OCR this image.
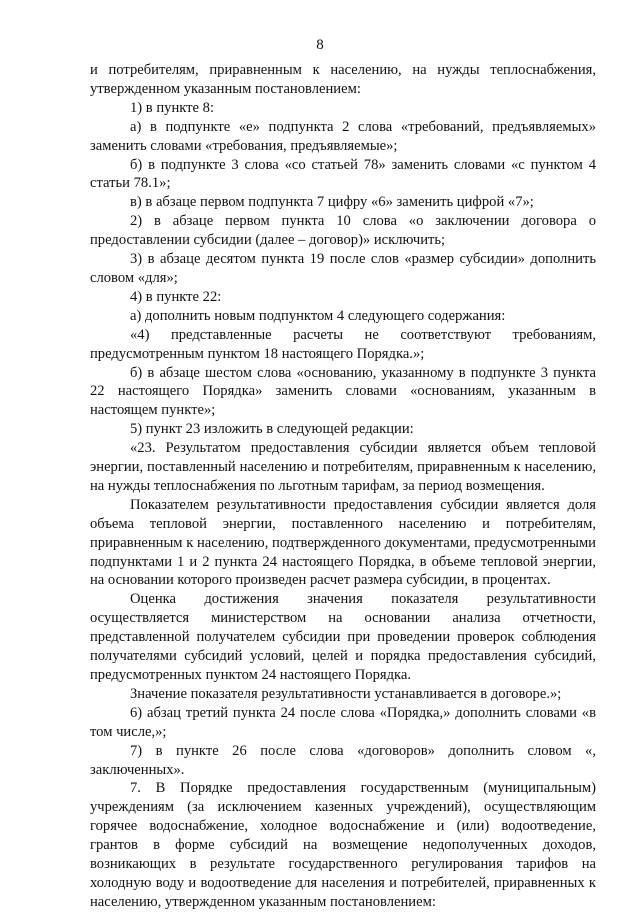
8

и потребителям, приравненным к населению, на нужды теплоснабжения, утвержденном указанным постановлением:

1) в пункте 8:

а) в подпункте «е» подпункта 2 слова «требований, предъявляемых» заменить словами «требования, предъявляемые»;

б) в подпункте 3 слова «со статьей 78» заменить словами «с пунктом 4 статьи 78.1»;

в) в абзаце первом подпункта 7 цифру «6» заменить цифрой «7»;

2) в абзаце первом пункта 10 слова «о заключении договора о предоставлении субсидии (далее – договор)» исключить;

3) в абзаце десятом пункта 19 после слов «размер субсидии» дополнить словом «для»;

4) в пункте 22:

а) дополнить новым подпунктом 4 следующего содержания:

«4) представленные расчеты не соответствуют требованиям, предусмотренным пунктом 18 настоящего Порядка.»;

б) в абзаце шестом слова «основанию, указанному в подпункте 3 пункта 22 настоящего Порядка» заменить словами «основаниям, указанным в настоящем пункте»;

5) пункт 23 изложить в следующей редакции:

«23. Результатом предоставления субсидии является объем тепловой энергии, поставленный населению и потребителям, приравненным к населению, на нужды теплоснабжения по льготным тарифам, за период возмещения.

Показателем результативности предоставления субсидии является доля объема тепловой энергии, поставленного населению и потребителям, приравненным к населению, подтвержденного документами, предусмотренными подпунктами 1 и 2 пункта 24 настоящего Порядка, в объеме тепловой энергии, на основании которого произведен расчет размера субсидии, в процентах.

Оценка достижения значения показателя результативности осуществляется министерством на основании анализа отчетности, представленной получателем субсидии при проведении проверок соблюдения получателями субсидий условий, целей и порядка предоставления субсидий, предусмотренных пунктом 24 настоящего Порядка.

Значение показателя результативности устанавливается в договоре.»;

6) абзац третий пункта 24 после слова «Порядка,» дополнить словами «в том числе,»;

7) в пункте 26 после слова «договоров» дополнить словом «, заключенных».

7. В Порядке предоставления государственным (муниципальным) учреждениям (за исключением казенных учреждений), осуществляющим горячее водоснабжение, холодное водоснабжение и (или) водоотведение, грантов в форме субсидий на возмещение недополученных доходов, возникающих в результате государственного регулирования тарифов на холодную воду и водоотведение для населения и потребителей, приравненных к населению, утвержденном указанным постановлением:
